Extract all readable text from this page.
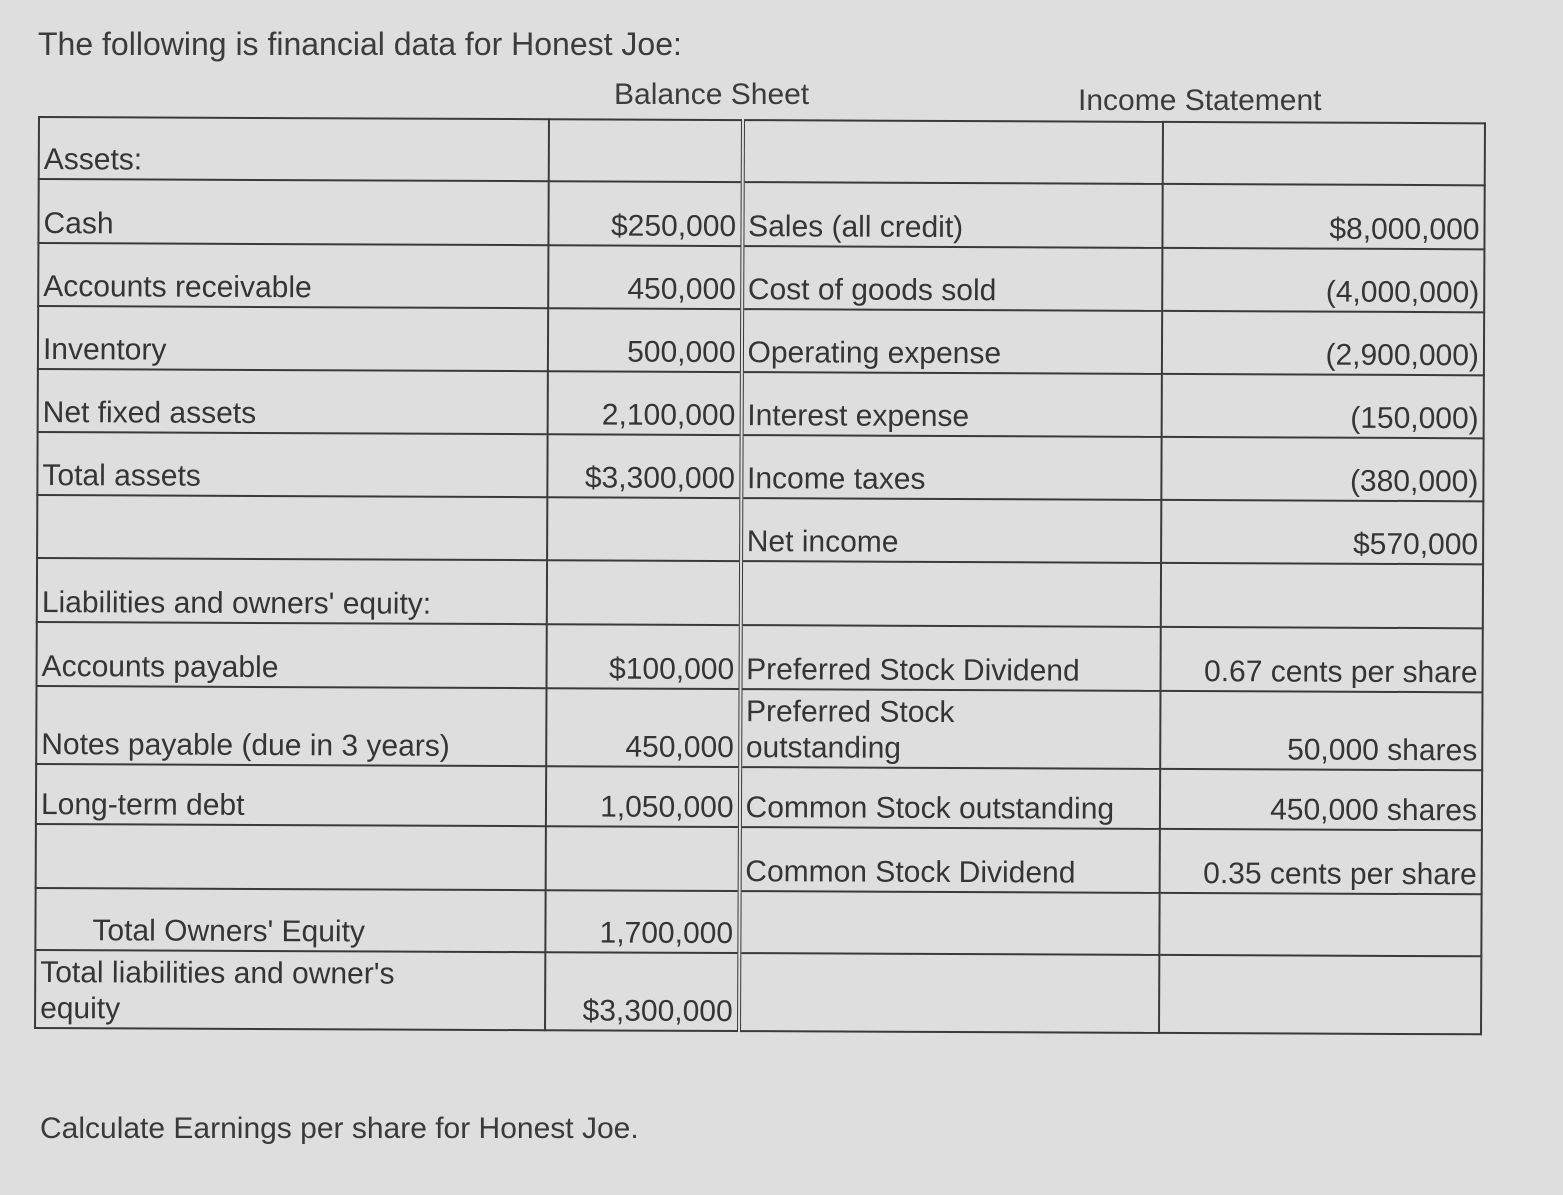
The following is financial data for Honest Joe:
Balance Sheet	Income Statement
Assets:			
Cash	$250,000	Sales (all credit)	$8,000,000
Accounts receivable	450,000	Cost of goods sold	(4,000,000)
Inventory	500,000	Operating expense	(2,900,000)
Net fixed assets	2,100,000	Interest expense	(150,000)
Total assets	$3,300,000	Income taxes	(380,000)
		Net income	$570,000
Liabilities and owners' equity:			
Accounts payable	$100,000	Preferred Stock Dividend	0.67 cents per share
Notes payable (due in 3 years)	450,000	Preferred Stock outstanding	50,000 shares
Long-term debt	1,050,000	Common Stock outstanding	450,000 shares
		Common Stock Dividend	0.35 cents per share
Total Owners' Equity	1,700,000		

Total liabilities and owner's equity	$3,300,000		
Calculate Earnings per share for Honest Joe.
